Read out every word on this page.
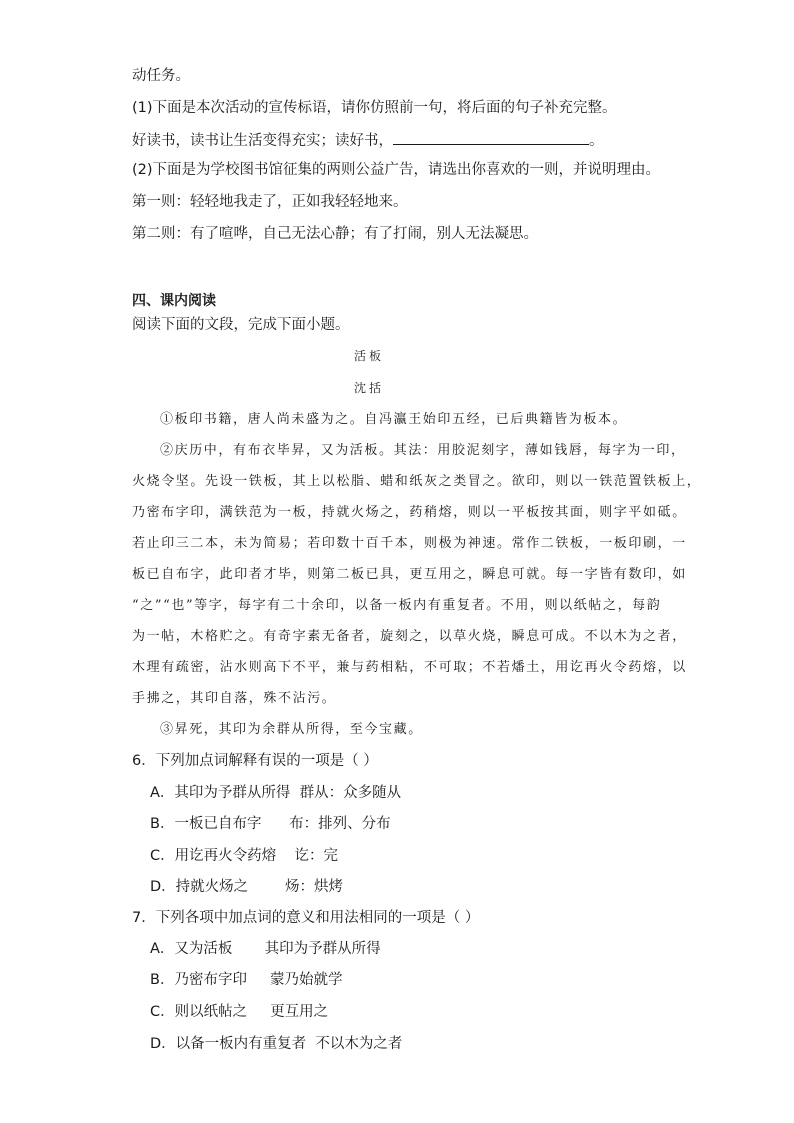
动任务。
(1)下面是本次活动的宣传标语，请你仿照前一句，将后面的句子补充完整。
好读书，读书让生活变得充实；读好书，	。
(2)下面是为学校图书馆征集的两则公益广告，请选出你喜欢的一则，并说明理由。
第一则：轻轻地我走了，正如我轻轻地来。
第二则：有了喧哗，自己无法心静；有了打闹，别人无法凝思。
四、课内阅读
阅读下面的文段，完成下面小题。
活板
沈括
①板印书籍，唐人尚未盛为之。自冯瀛王始印五经，已后典籍皆为板本。
②庆历中，有布衣毕昇，又为活板。其法：用胶泥刻字，薄如钱唇，每字为一印，
火烧令坚。先设一铁板，其上以松脂、蜡和纸灰之类冒之。欲印，则以一铁范置铁板上，
乃密布字印，满铁范为一板，持就火炀之，药稍熔，则以一平板按其面，则字平如砥。
若止印三二本，未为简易；若印数十百千本，则极为神速。常作二铁板，一板印刷，一
板已自布字，此印者才毕，则第二板已具，更互用之，瞬息可就。每一字皆有数印，如
“之”“也”等字，每字有二十余印，以备一板内有重复者。不用，则以纸帖之，每韵
为一帖，木格贮之。有奇字素无备者，旋刻之，以草火烧，瞬息可成。不以木为之者，
木理有疏密，沾水则高下不平，兼与药相粘，不可取；不若燔土，用讫再火令药熔，以
手拂之，其印自落，殊不沾污。
③昇死，其印为余群从所得，至今宝藏。
6．下列加点词解释有误的一项是（ ）
A．其印为予群从所得  群从：众多随从
B．一板已自布字      布：排列、分布
C．用讫再火令药熔    讫：完
D．持就火炀之        炀：烘烤
7．下列各项中加点词的意义和用法相同的一项是（ ）
A．又为活板       其印为予群从所得
B．乃密布字印     蒙乃始就学
C．则以纸帖之     更互用之
D．以备一板内有重复者  不以木为之者
